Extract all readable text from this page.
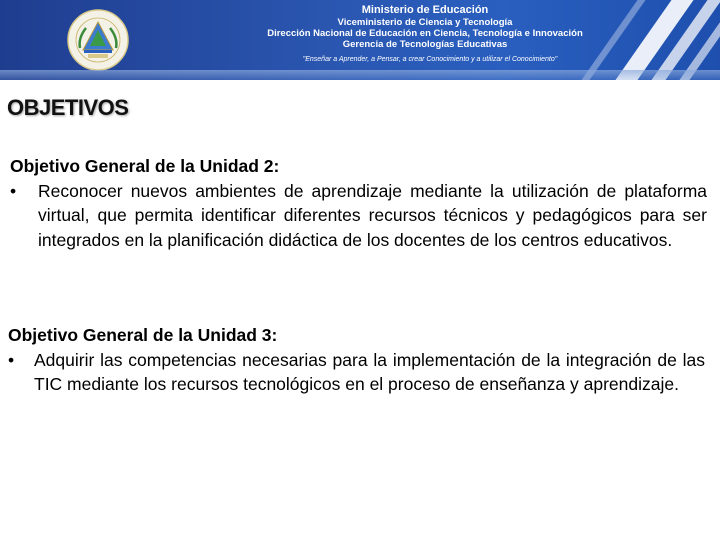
Ministerio de Educación
Viceministerio de Ciencia y Tecnología
Dirección Nacional de Educación en Ciencia, Tecnología e Innovación
Gerencia de Tecnologías Educativas
"Enseñar a Aprender, a Pensar, a crear Conocimiento y a utilizar el Conocimiento"
OBJETIVOS
Objetivo General de la Unidad 2:
•	Reconocer nuevos ambientes de aprendizaje mediante la utilización de plataforma virtual, que permita identificar diferentes recursos técnicos y pedagógicos para ser integrados en la planificación didáctica de los docentes de los centros educativos.
Objetivo General de la Unidad 3:
•	Adquirir las competencias necesarias para la implementación de la integración de las TIC mediante los recursos tecnológicos en el proceso de enseñanza y aprendizaje.
